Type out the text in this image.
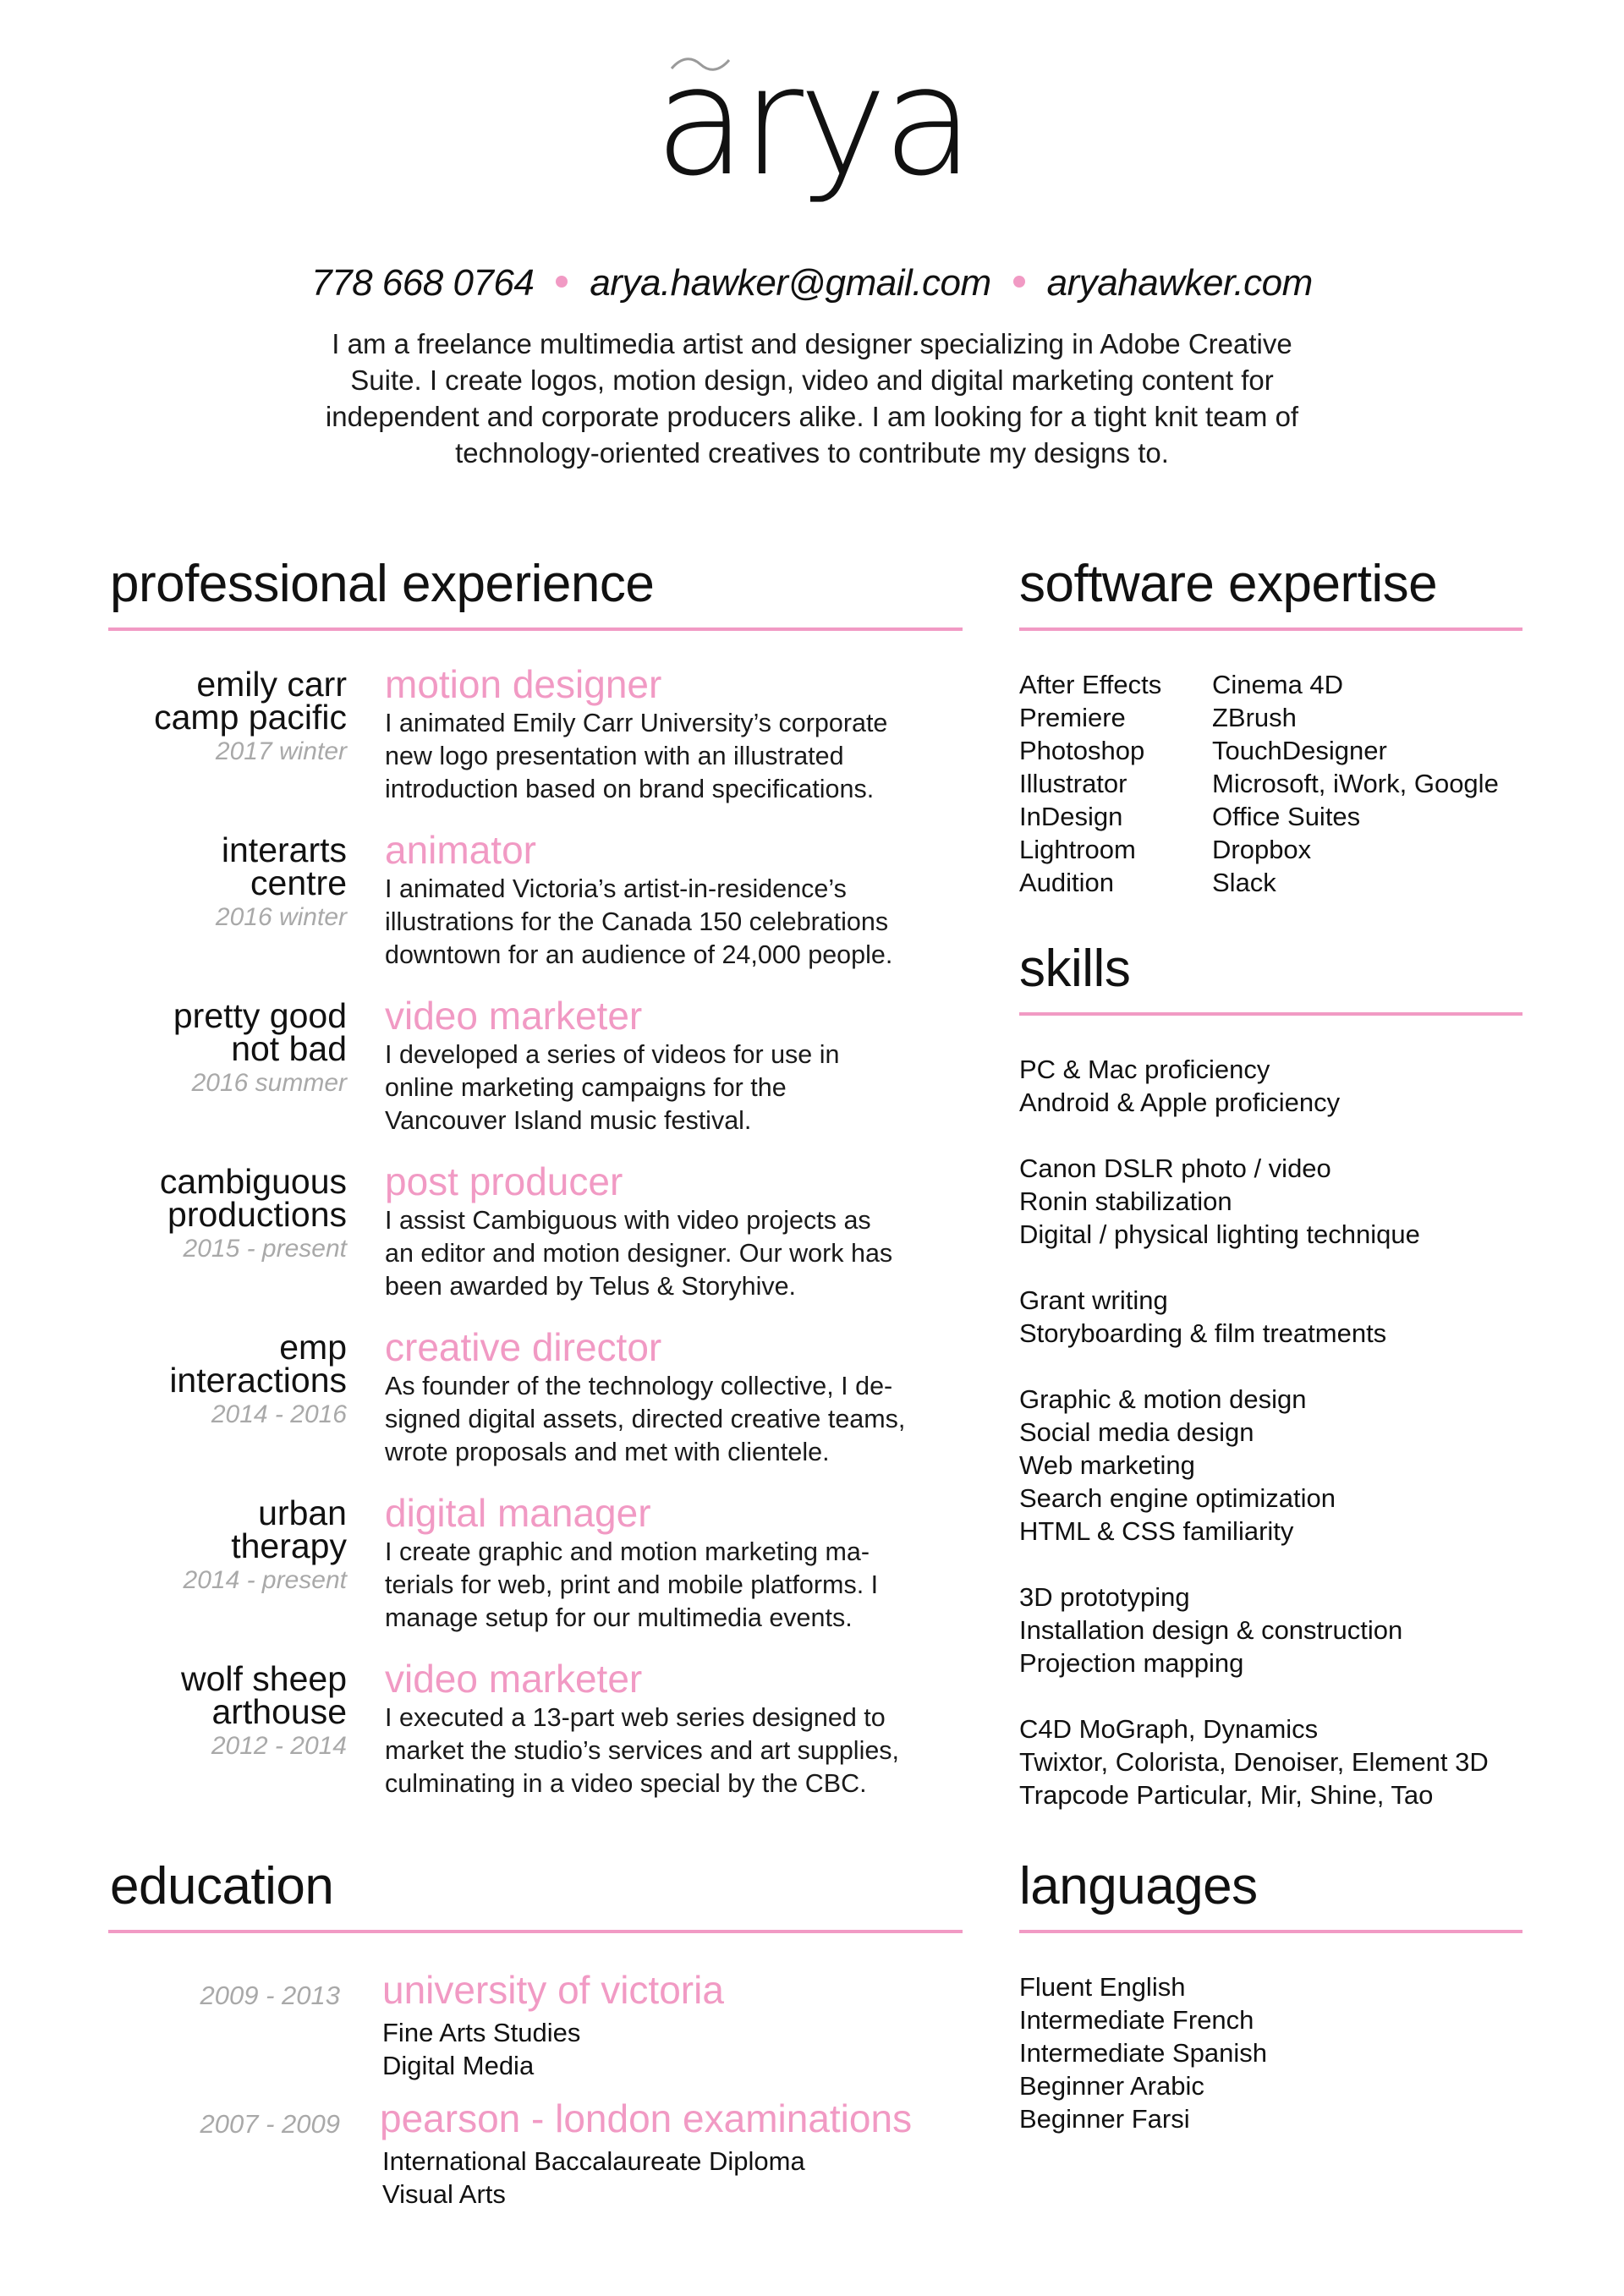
arya
778 668 0764 arya.hawker@gmail.com aryahawker.com
I am a freelance multimedia artist and designer specializing in Adobe Creative
Suite. I create logos, motion design, video and digital marketing content for
independent and corporate producers alike. I am looking for a tight knit team of
technology-oriented creatives to contribute my designs to.
professional experience
emily carr
camp pacific
2017 winter
motion designer
I animated Emily Carr University’s corporate
new logo presentation with an illustrated
introduction based on brand specifications.
interarts
centre
2016 winter
animator
I animated Victoria’s artist-in-residence’s
illustrations for the Canada 150 celebrations
downtown for an audience of 24,000 people.
pretty good
not bad
2016 summer
video marketer
I developed a series of videos for use in
online marketing campaigns for the
Vancouver Island music festival.
cambiguous
productions
2015 - present
post producer
I assist Cambiguous with video projects as
an editor and motion designer. Our work has
been awarded by Telus & Storyhive.
emp
interactions
2014 - 2016
creative director
As founder of the technology collective, I de-
signed digital assets, directed creative teams,
wrote proposals and met with clientele.
urban
therapy
2014 - present
digital manager
I create graphic and motion marketing ma-
terials for web, print and mobile platforms. I
manage setup for our multimedia events.
wolf sheep
arthouse
2012 - 2014
video marketer
I executed a 13-part web series designed to
market the studio’s services and art supplies,
culminating in a video special by the CBC.
software expertise
After Effects
Premiere
Photoshop
Illustrator
InDesign
Lightroom
Audition
Cinema 4D
ZBrush
TouchDesigner
Microsoft, iWork, Google
Office Suites
Dropbox
Slack
skills
PC & Mac proficiency
Android & Apple proficiency
Canon DSLR photo / video
Ronin stabilization
Digital / physical lighting technique
Grant writing
Storyboarding & film treatments
Graphic & motion design
Social media design
Web marketing
Search engine optimization
HTML & CSS familiarity
3D prototyping
Installation design & construction
Projection mapping
C4D MoGraph, Dynamics
Twixtor, Colorista, Denoiser, Element 3D
Trapcode Particular, Mir, Shine, Tao
education
2009 - 2013 university of victoria
Fine Arts Studies
Digital Media
2007 - 2009 pearson - london examinations
International Baccalaureate Diploma
Visual Arts
languages
Fluent English
Intermediate French
Intermediate Spanish
Beginner Arabic
Beginner Farsi
